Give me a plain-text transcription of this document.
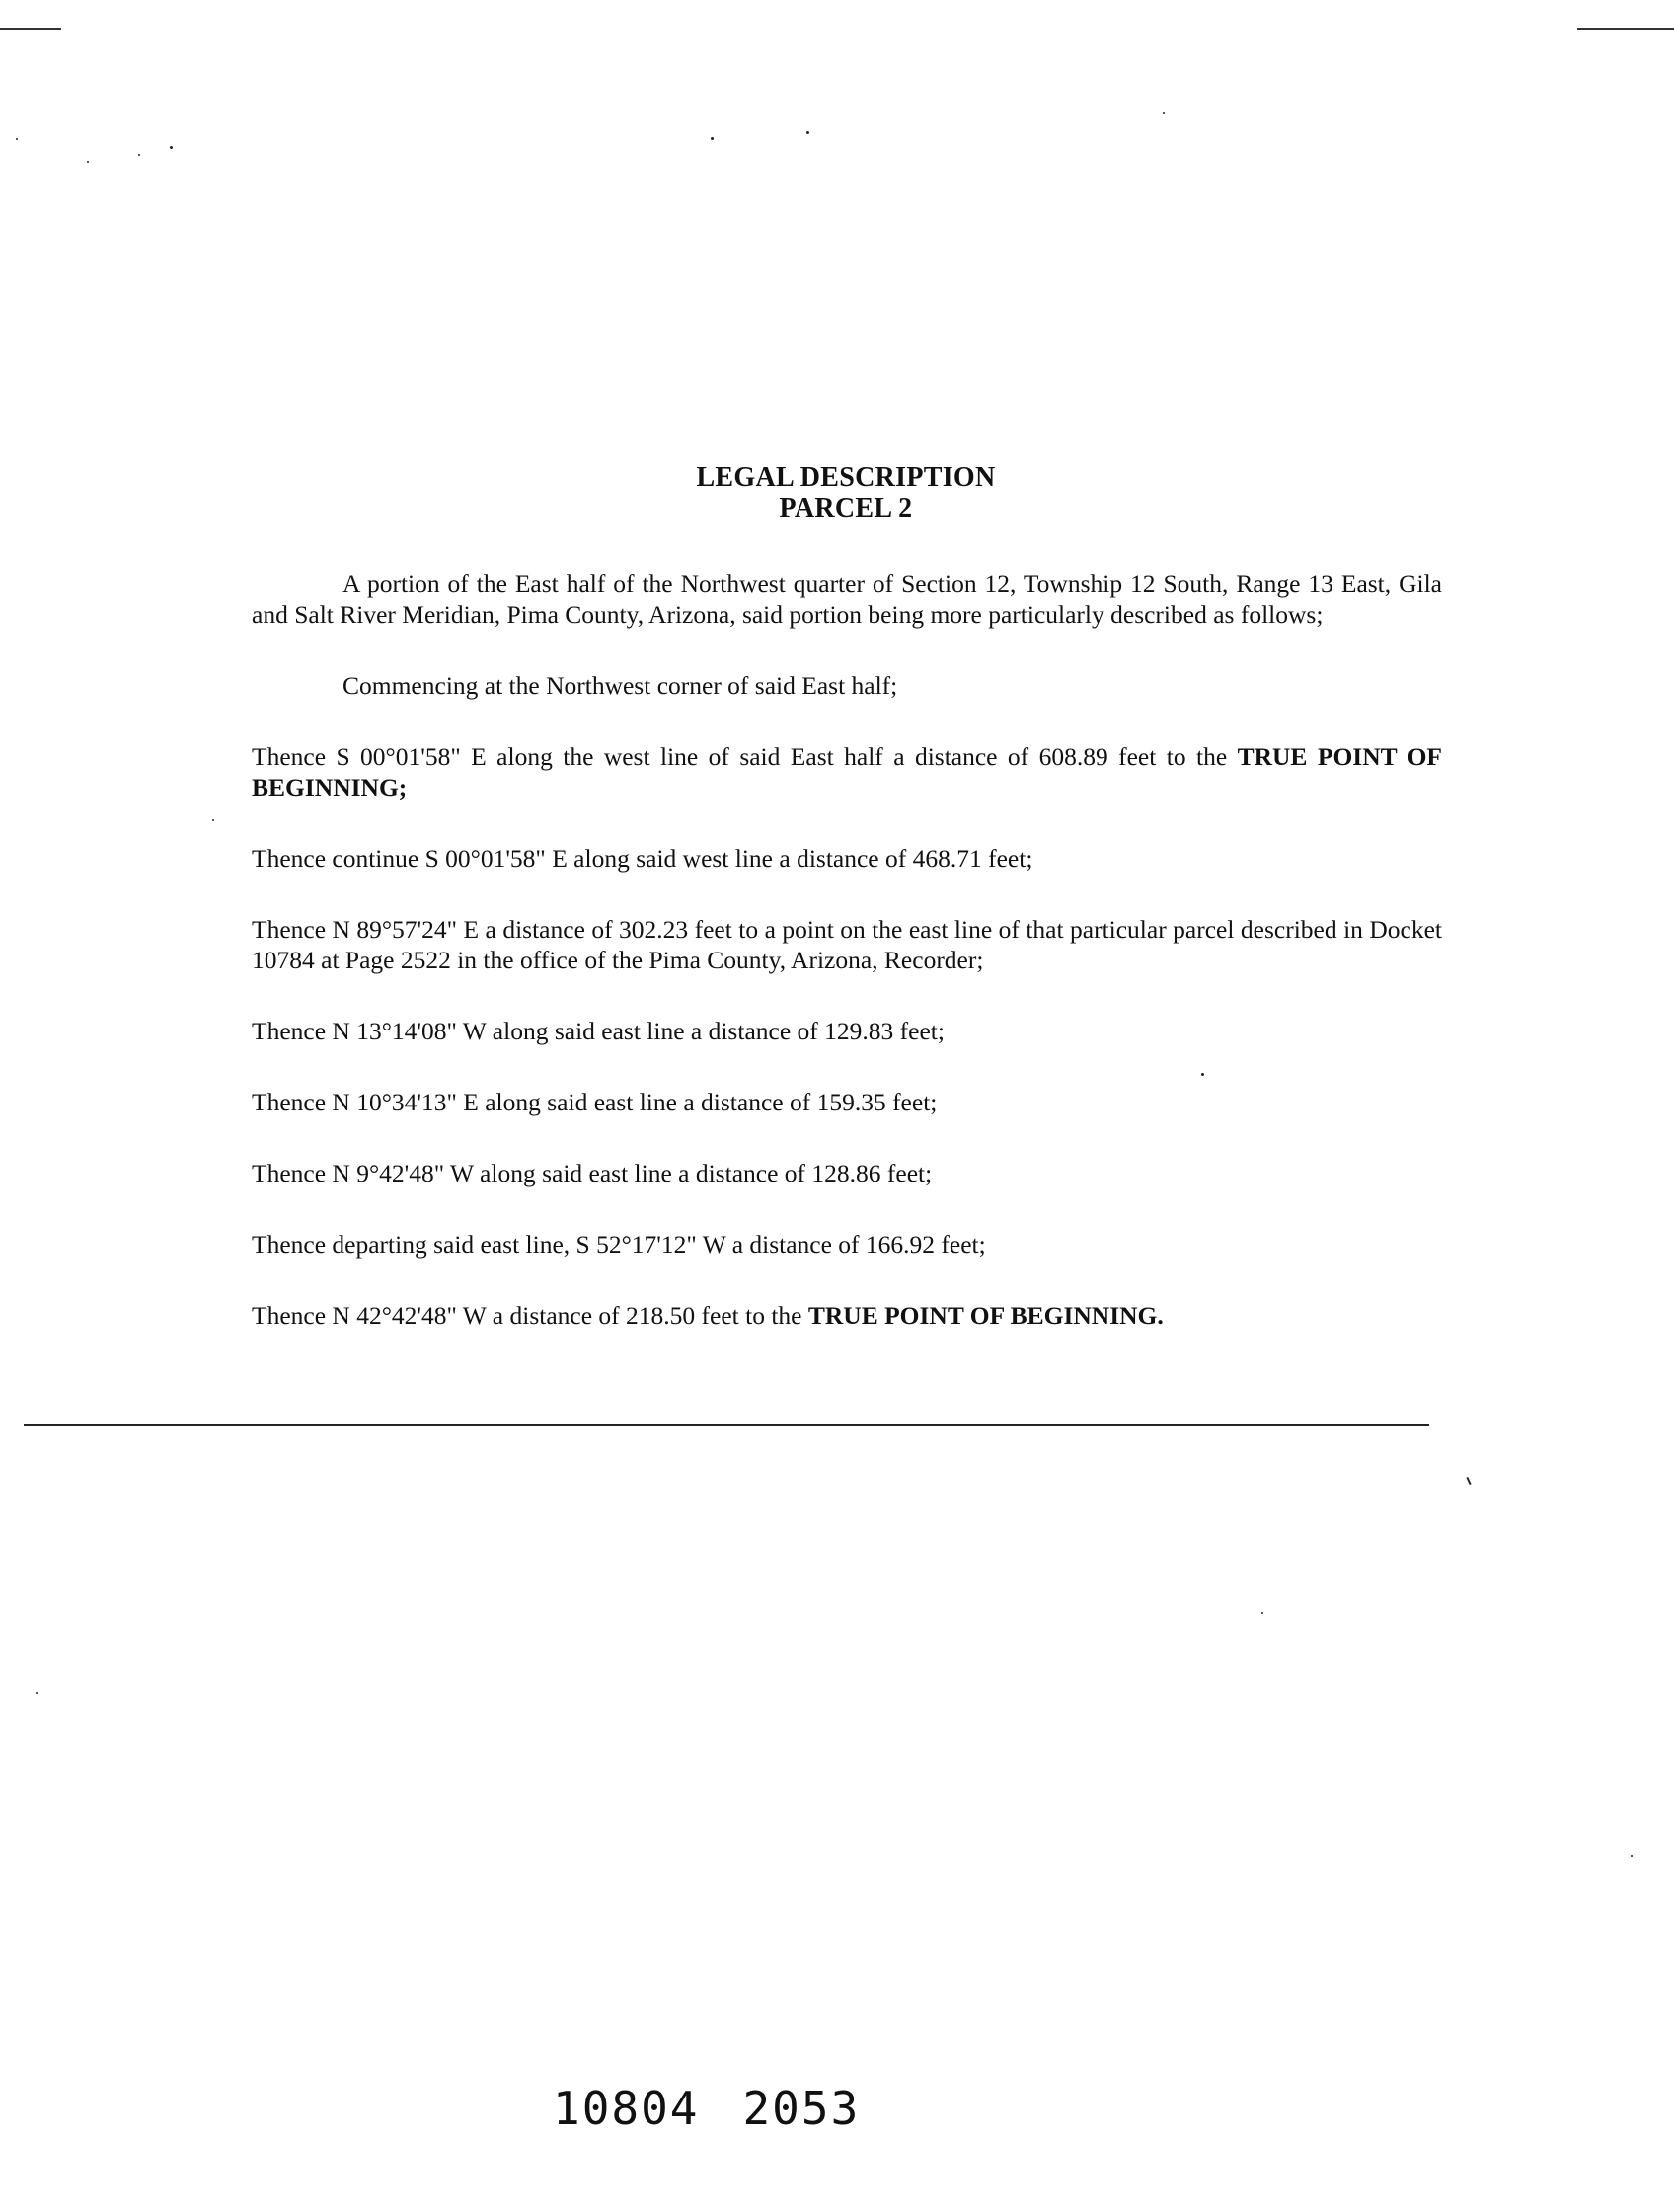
LEGAL DESCRIPTION

PARCEL 2

A portion of the East half of the Northwest quarter of Section 12, Township 12 South, Range 13 East, Gila and Salt River Meridian, Pima County, Arizona, said portion being more particularly described as follows;

Commencing at the Northwest corner of said East half;

Thence S 00°01'58" E along the west line of said East half a distance of 608.89 feet to the TRUE POINT OF BEGINNING;

Thence continue S 00°01'58" E along said west line a distance of 468.71 feet;

Thence N 89°57'24" E a distance of 302.23 feet to a point on the east line of that particular parcel described in Docket 10784 at Page 2522 in the office of the Pima County, Arizona, Recorder;

Thence N 13°14'08" W along said east line a distance of 129.83 feet;

Thence N 10°34'13" E along said east line a distance of 159.35 feet;

Thence N 9°42'48" W along said east line a distance of 128.86 feet;

Thence departing said east line, S 52°17'12" W a distance of 166.92 feet;

Thence N 42°42'48" W a distance of 218.50 feet to the TRUE POINT OF BEGINNING.

10804 2053
